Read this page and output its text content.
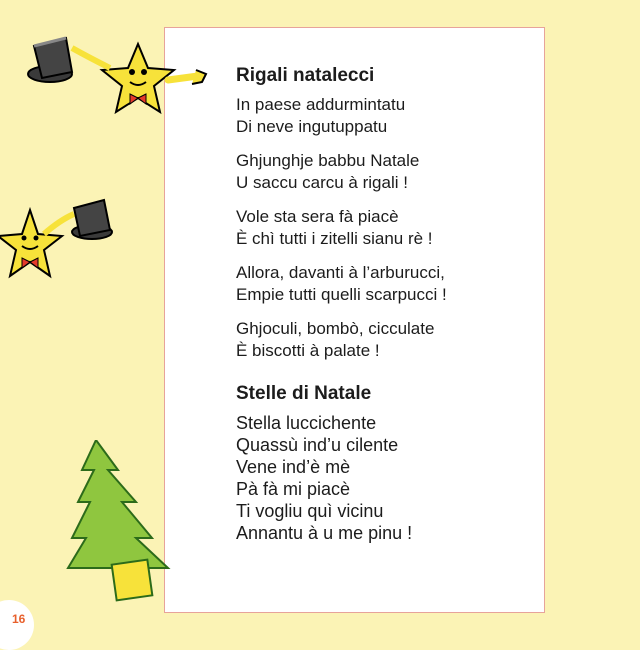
16
Rigali natalecci

In paese addurmintatu

Di neve ingutuppatu

Ghjunghje babbu Natale

U saccu carcu à rigali !

Vole sta sera fà piacè

È chì tutti i zitelli sianu rè !

Allora, davanti à l’arburucci,

Empie tutti quelli scarpucci !

Ghjoculi, bombò, cicculate

È biscotti à palate !

Stelle di Natale

Stella luccichente

Quassù ind’u cilente

Vene ind’è mè

Pà fà mi piacè

Ti vogliu quì vicinu

Annantu à u me pinu !
